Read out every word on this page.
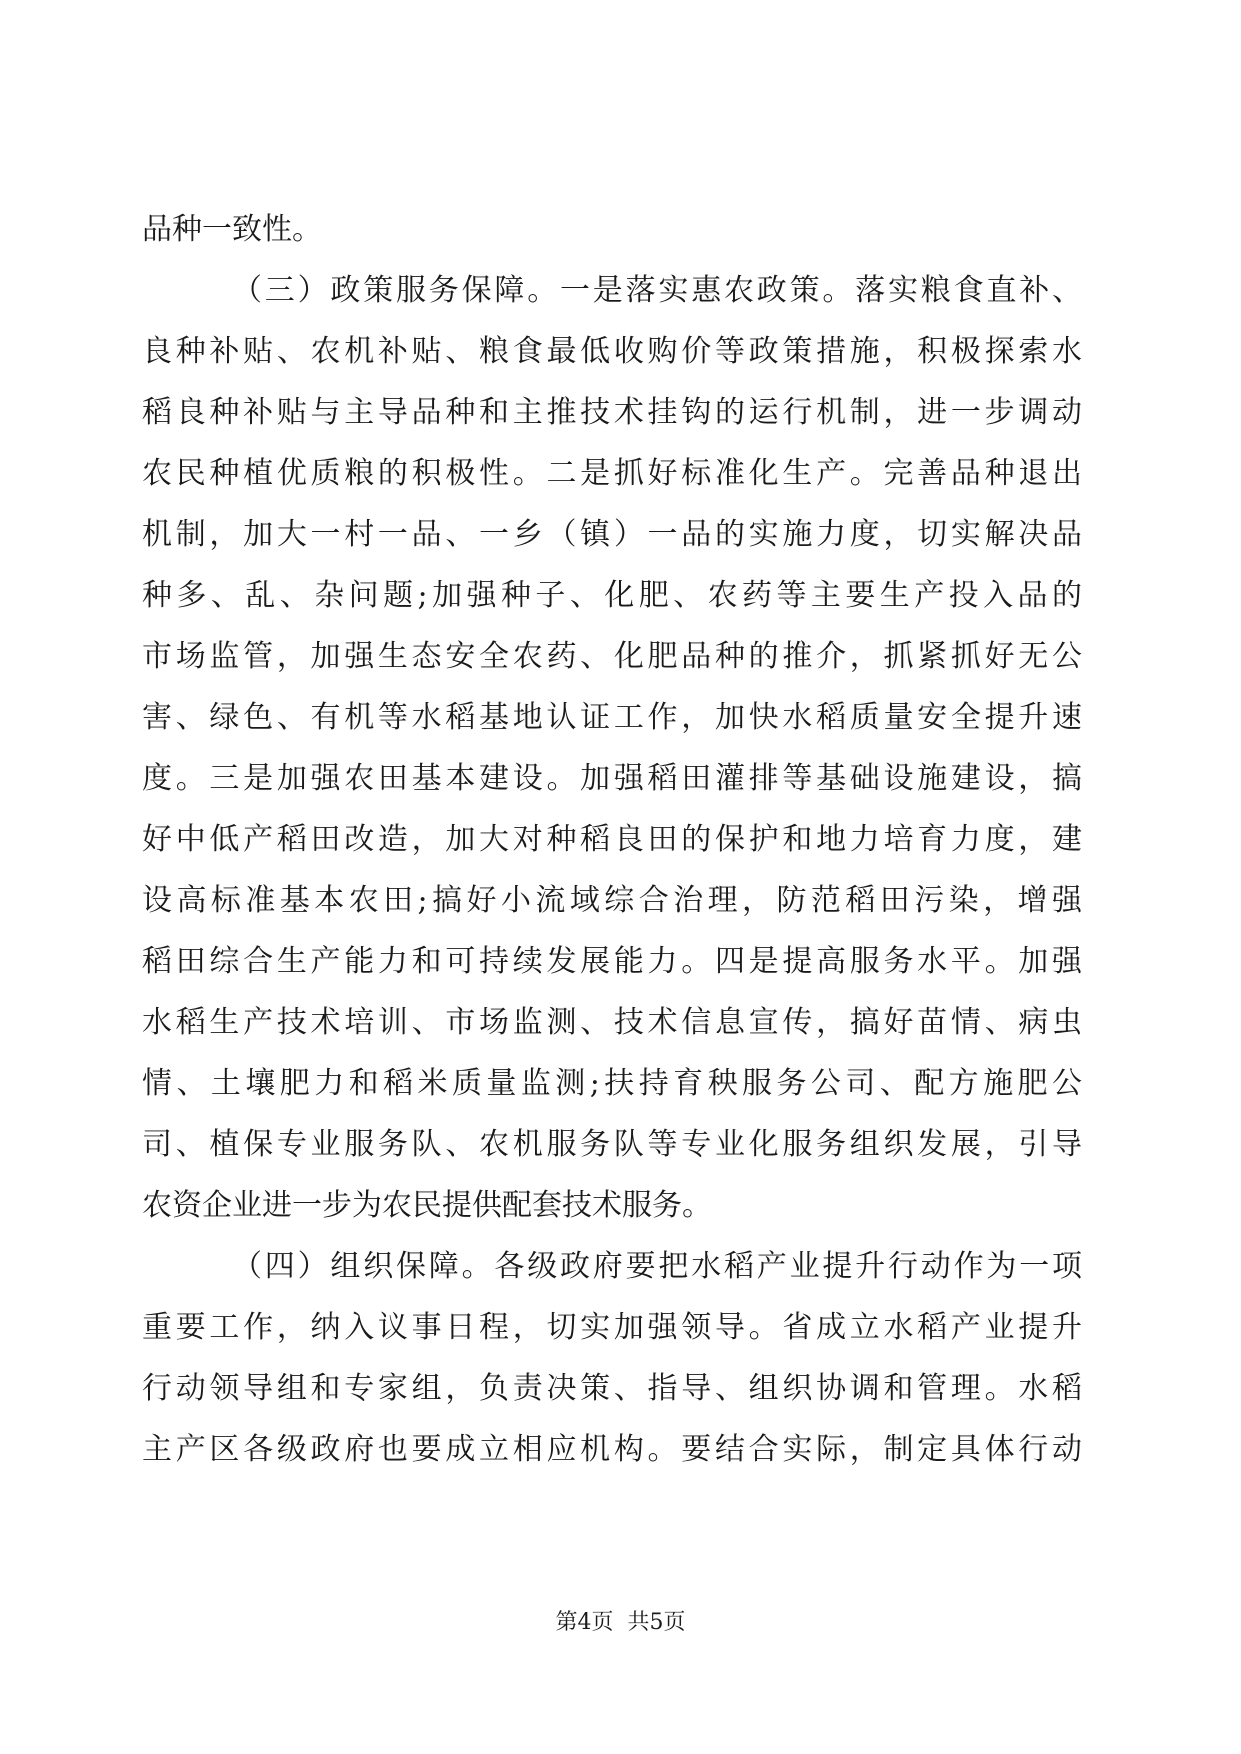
品种一致性。
（三）政策服务保障。一是落实惠农政策。落实粮食直补、
良种补贴、农机补贴、粮食最低收购价等政策措施，积极探索水
稻良种补贴与主导品种和主推技术挂钩的运行机制，进一步调动
农民种植优质粮的积极性。二是抓好标准化生产。完善品种退出
机制，加大一村一品、一乡（镇）一品的实施力度，切实解决品
种多、乱、杂问题;加强种子、化肥、农药等主要生产投入品的
市场监管，加强生态安全农药、化肥品种的推介，抓紧抓好无公
害、绿色、有机等水稻基地认证工作，加快水稻质量安全提升速
度。三是加强农田基本建设。加强稻田灌排等基础设施建设，搞
好中低产稻田改造，加大对种稻良田的保护和地力培育力度，建
设高标准基本农田;搞好小流域综合治理，防范稻田污染，增强
稻田综合生产能力和可持续发展能力。四是提高服务水平。加强
水稻生产技术培训、市场监测、技术信息宣传，搞好苗情、病虫
情、土壤肥力和稻米质量监测;扶持育秧服务公司、配方施肥公
司、植保专业服务队、农机服务队等专业化服务组织发展，引导
农资企业进一步为农民提供配套技术服务。
（四）组织保障。各级政府要把水稻产业提升行动作为一项
重要工作，纳入议事日程，切实加强领导。省成立水稻产业提升
行动领导组和专家组，负责决策、指导、组织协调和管理。水稻
主产区各级政府也要成立相应机构。要结合实际，制定具体行动
第4页  共5页
